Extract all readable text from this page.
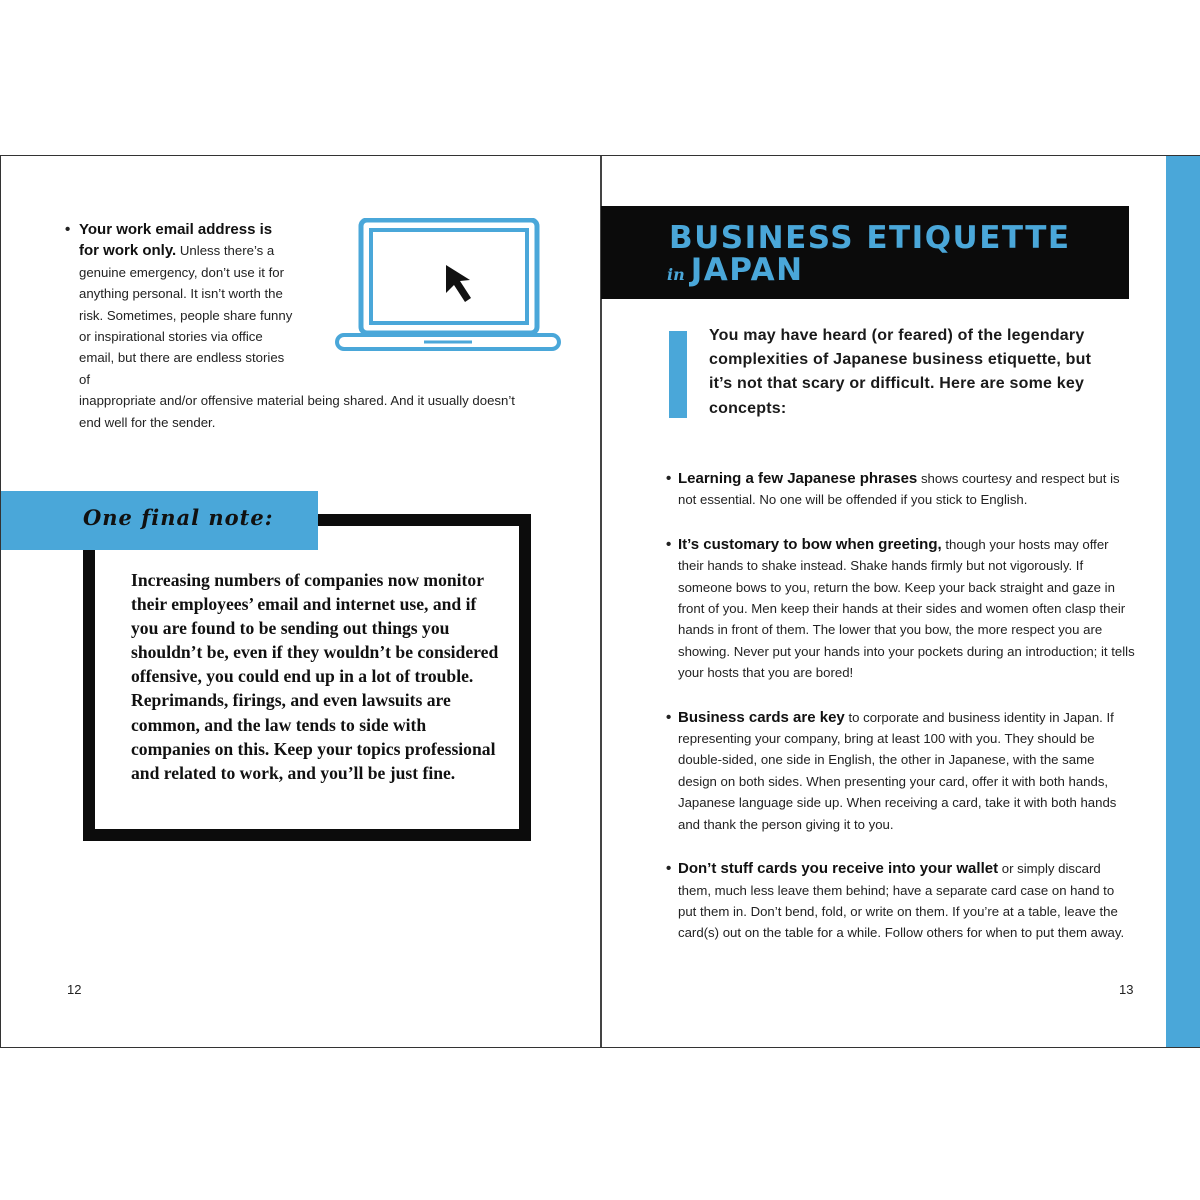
• Your work email address is for work only. Unless there’s a genuine emergency, don’t use it for anything personal. It isn’t worth the risk. Sometimes, people share funny or inspirational stories via office email, but there are endless stories of
inappropriate and/or offensive material being shared. And it usually doesn’t end well for the sender.
One final note:
Increasing numbers of companies now monitor their employees’ email and internet use, and if you are found to be sending out things you shouldn’t be, even if they wouldn’t be considered offensive, you could end up in a lot of trouble. Reprimands, firings, and even lawsuits are common, and the law tends to side with companies on this. Keep your topics professional and related to work, and you’ll be just fine.
12
BUSINESS ETIQUETTE
in JAPAN
You may have heard (or feared) of the legendary complexities of Japanese business etiquette, but it’s not that scary or difficult. Here are some key concepts:
• Learning a few Japanese phrases shows courtesy and respect but is not essential. No one will be offended if you stick to English.
• It’s customary to bow when greeting, though your hosts may offer their hands to shake instead. Shake hands firmly but not vigorously. If someone bows to you, return the bow. Keep your back straight and gaze in front of you. Men keep their hands at their sides and women often clasp their hands in front of them. The lower that you bow, the more respect you are showing. Never put your hands into your pockets during an introduction; it tells your hosts that you are bored!
• Business cards are key to corporate and business identity in Japan. If representing your company, bring at least 100 with you. They should be double-sided, one side in English, the other in Japanese, with the same design on both sides. When presenting your card, offer it with both hands, Japanese language side up. When receiving a card, take it with both hands and thank the person giving it to you.
• Don’t stuff cards you receive into your wallet or simply discard them, much less leave them behind; have a separate card case on hand to put them in. Don’t bend, fold, or write on them. If you’re at a table, leave the card(s) out on the table for a while. Follow others for when to put them away.
13
